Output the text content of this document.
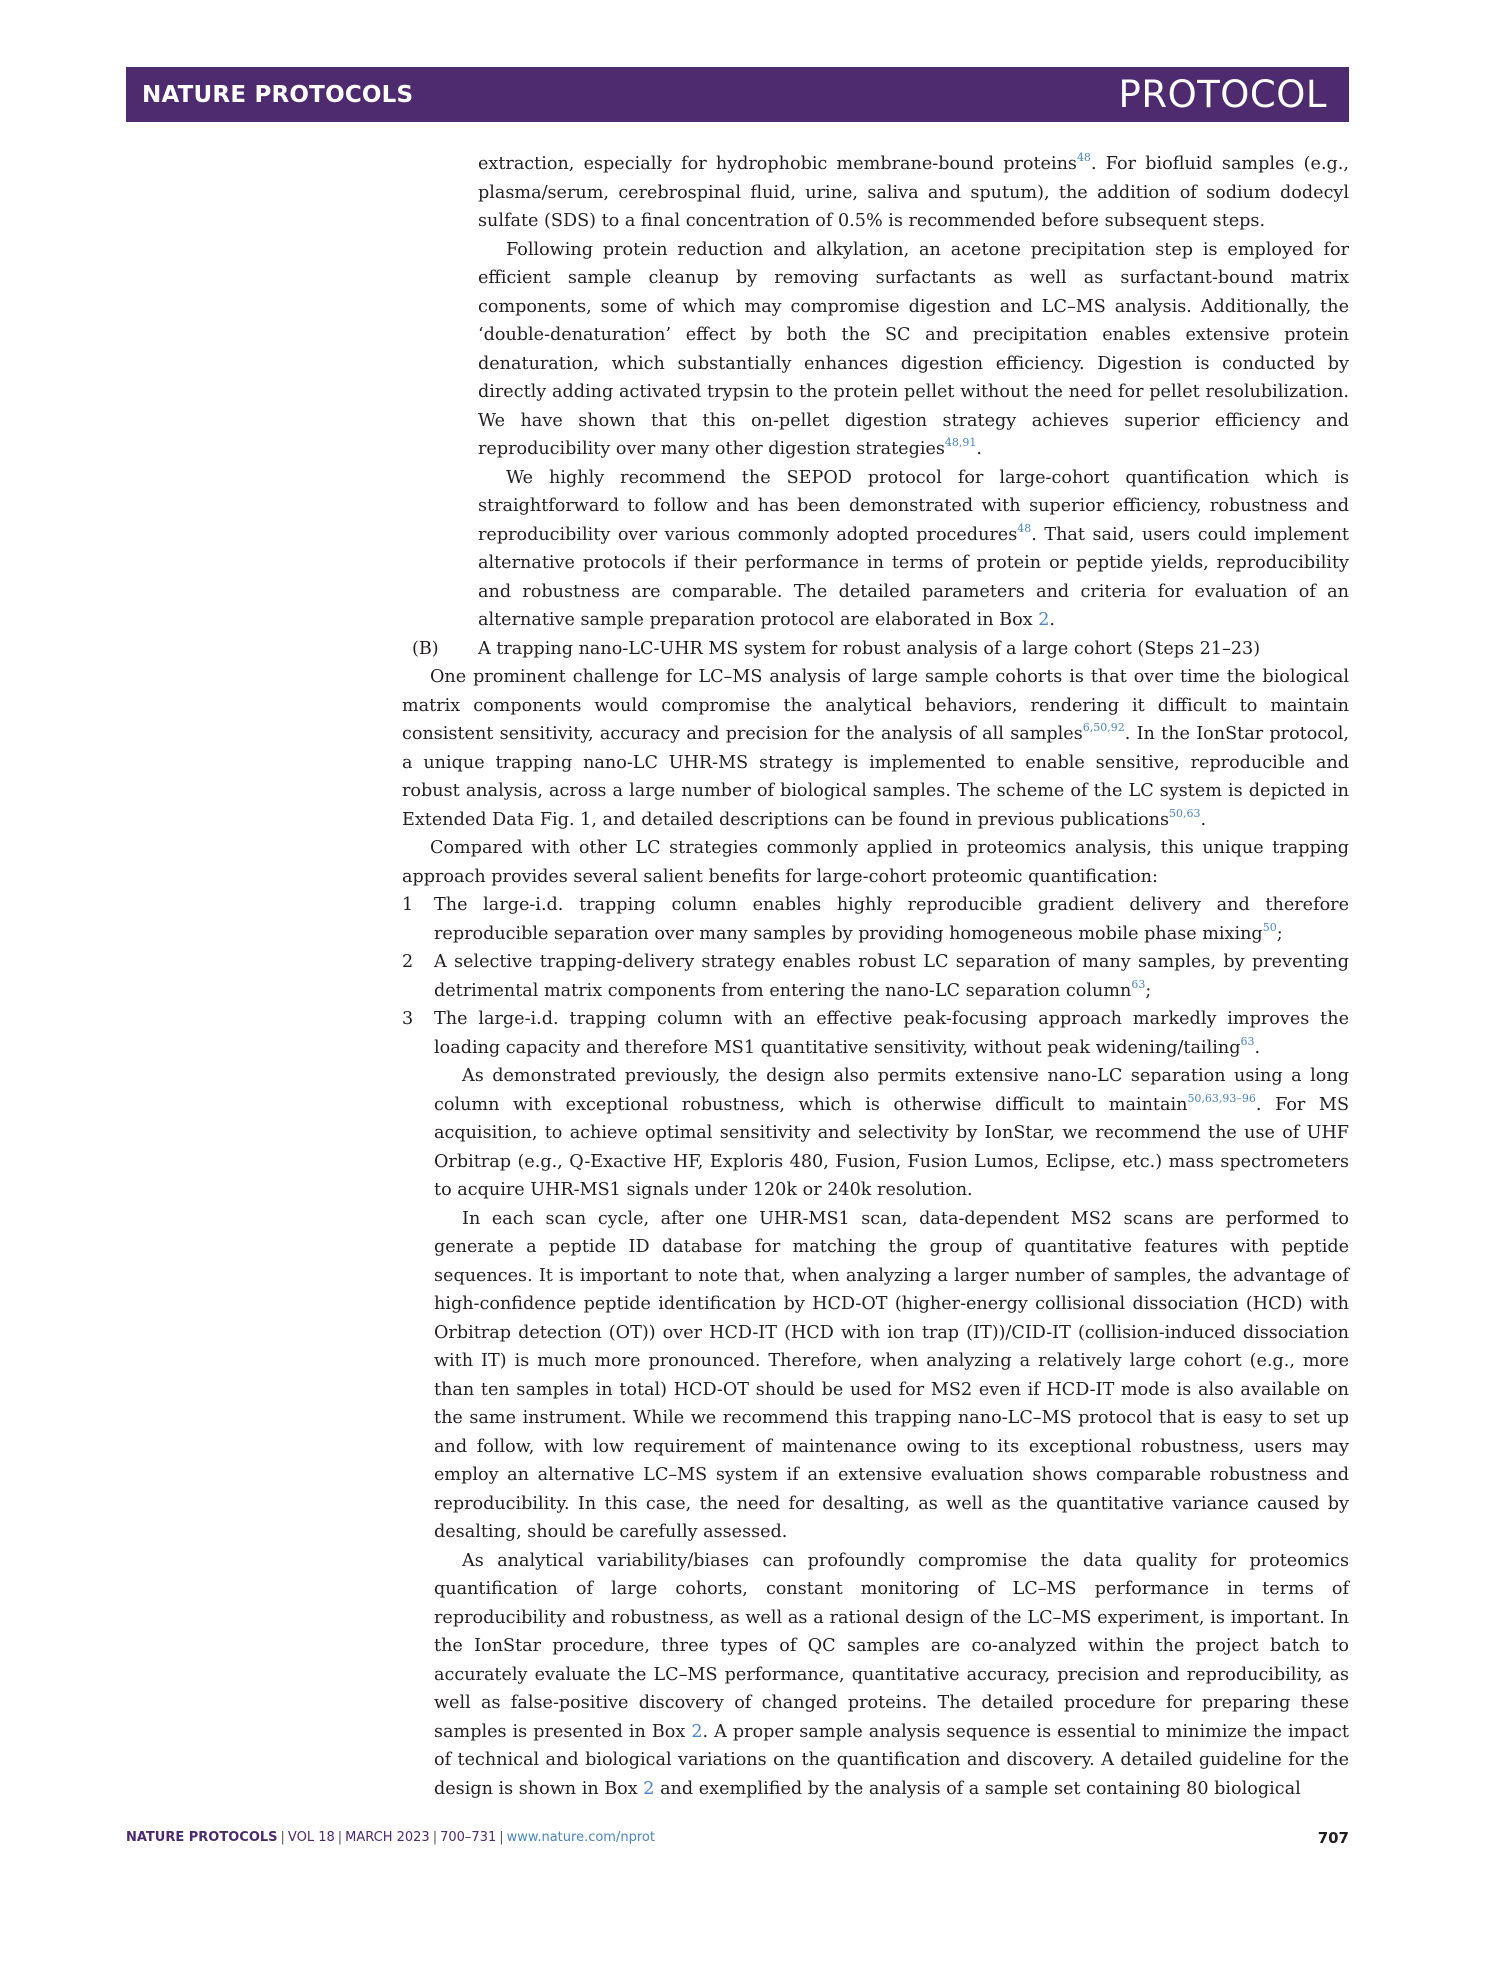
NATURE PROTOCOLS	PROTOCOL

extraction, especially for hydrophobic membrane-bound proteins$^{48}$. For biofluid samples (e.g., plasma/serum, cerebrospinal fluid, urine, saliva and sputum), the addition of sodium dodecyl sulfate (SDS) to a final concentration of 0.5% is recommended before subsequent steps.

Following protein reduction and alkylation, an acetone precipitation step is employed for efficient sample cleanup by removing surfactants as well as surfactant-bound matrix components, some of which may compromise digestion and LC–MS analysis. Additionally, the ‘double-denaturation’ effect by both the SC and precipitation enables extensive protein denaturation, which substantially enhances digestion efficiency. Digestion is conducted by directly adding activated trypsin to the protein pellet without the need for pellet resolubilization. We have shown that this on-pellet digestion strategy achieves superior efficiency and reproducibility over many other digestion strategies$^{48,91}$.

We highly recommend the SEPOD protocol for large-cohort quantification which is straightforward to follow and has been demonstrated with superior efficiency, robustness and reproducibility over various commonly adopted procedures$^{48}$. That said, users could implement alternative protocols if their performance in terms of protein or peptide yields, reproducibility and robustness are comparable. The detailed parameters and criteria for evaluation of an alternative sample preparation protocol are elaborated in Box 2.

(B)	A trapping nano-LC-UHR MS system for robust analysis of a large cohort (Steps 21–23)

One prominent challenge for LC–MS analysis of large sample cohorts is that over time the biological matrix components would compromise the analytical behaviors, rendering it difficult to maintain consistent sensitivity, accuracy and precision for the analysis of all samples$^{6,50,92}$. In the IonStar protocol, a unique trapping nano-LC UHR-MS strategy is implemented to enable sensitive, reproducible and robust analysis, across a large number of biological samples. The scheme of the LC system is depicted in Extended Data Fig. 1, and detailed descriptions can be found in previous publications$^{50,63}$.

Compared with other LC strategies commonly applied in proteomics analysis, this unique trapping approach provides several salient benefits for large-cohort proteomic quantification:

1	The large-i.d. trapping column enables highly reproducible gradient delivery and therefore reproducible separation over many samples by providing homogeneous mobile phase mixing$^{50}$;
2	A selective trapping-delivery strategy enables robust LC separation of many samples, by preventing detrimental matrix components from entering the nano-LC separation column$^{63}$;
3	The large-i.d. trapping column with an effective peak-focusing approach markedly improves the loading capacity and therefore MS1 quantitative sensitivity, without peak widening/tailing$^{63}$.

As demonstrated previously, the design also permits extensive nano-LC separation using a long column with exceptional robustness, which is otherwise difficult to maintain$^{50,63,93-96}$. For MS acquisition, to achieve optimal sensitivity and selectivity by IonStar, we recommend the use of UHF Orbitrap (e.g., Q-Exactive HF, Exploris 480, Fusion, Fusion Lumos, Eclipse, etc.) mass spectrometers to acquire UHR-MS1 signals under 120k or 240k resolution.

In each scan cycle, after one UHR-MS1 scan, data-dependent MS2 scans are performed to generate a peptide ID database for matching the group of quantitative features with peptide sequences. It is important to note that, when analyzing a larger number of samples, the advantage of high-confidence peptide identification by HCD-OT (higher-energy collisional dissociation (HCD) with Orbitrap detection (OT)) over HCD-IT (HCD with ion trap (IT))/CID-IT (collision-induced dissociation with IT) is much more pronounced. Therefore, when analyzing a relatively large cohort (e.g., more than ten samples in total) HCD-OT should be used for MS2 even if HCD-IT mode is also available on the same instrument. While we recommend this trapping nano-LC–MS protocol that is easy to set up and follow, with low requirement of maintenance owing to its exceptional robustness, users may employ an alternative LC–MS system if an extensive evaluation shows comparable robustness and reproducibility. In this case, the need for desalting, as well as the quantitative variance caused by desalting, should be carefully assessed.

As analytical variability/biases can profoundly compromise the data quality for proteomics quantification of large cohorts, constant monitoring of LC–MS performance in terms of reproducibility and robustness, as well as a rational design of the LC–MS experiment, is important. In the IonStar procedure, three types of QC samples are co-analyzed within the project batch to accurately evaluate the LC–MS performance, quantitative accuracy, precision and reproducibility, as well as false-positive discovery of changed proteins. The detailed procedure for preparing these samples is presented in Box 2. A proper sample analysis sequence is essential to minimize the impact of technical and biological variations on the quantification and discovery. A detailed guideline for the design is shown in Box 2 and exemplified by the analysis of a sample set containing 80 biological

NATURE PROTOCOLS | VOL 18 | MARCH 2023 | 700–731 | www.nature.com/nprot	707
